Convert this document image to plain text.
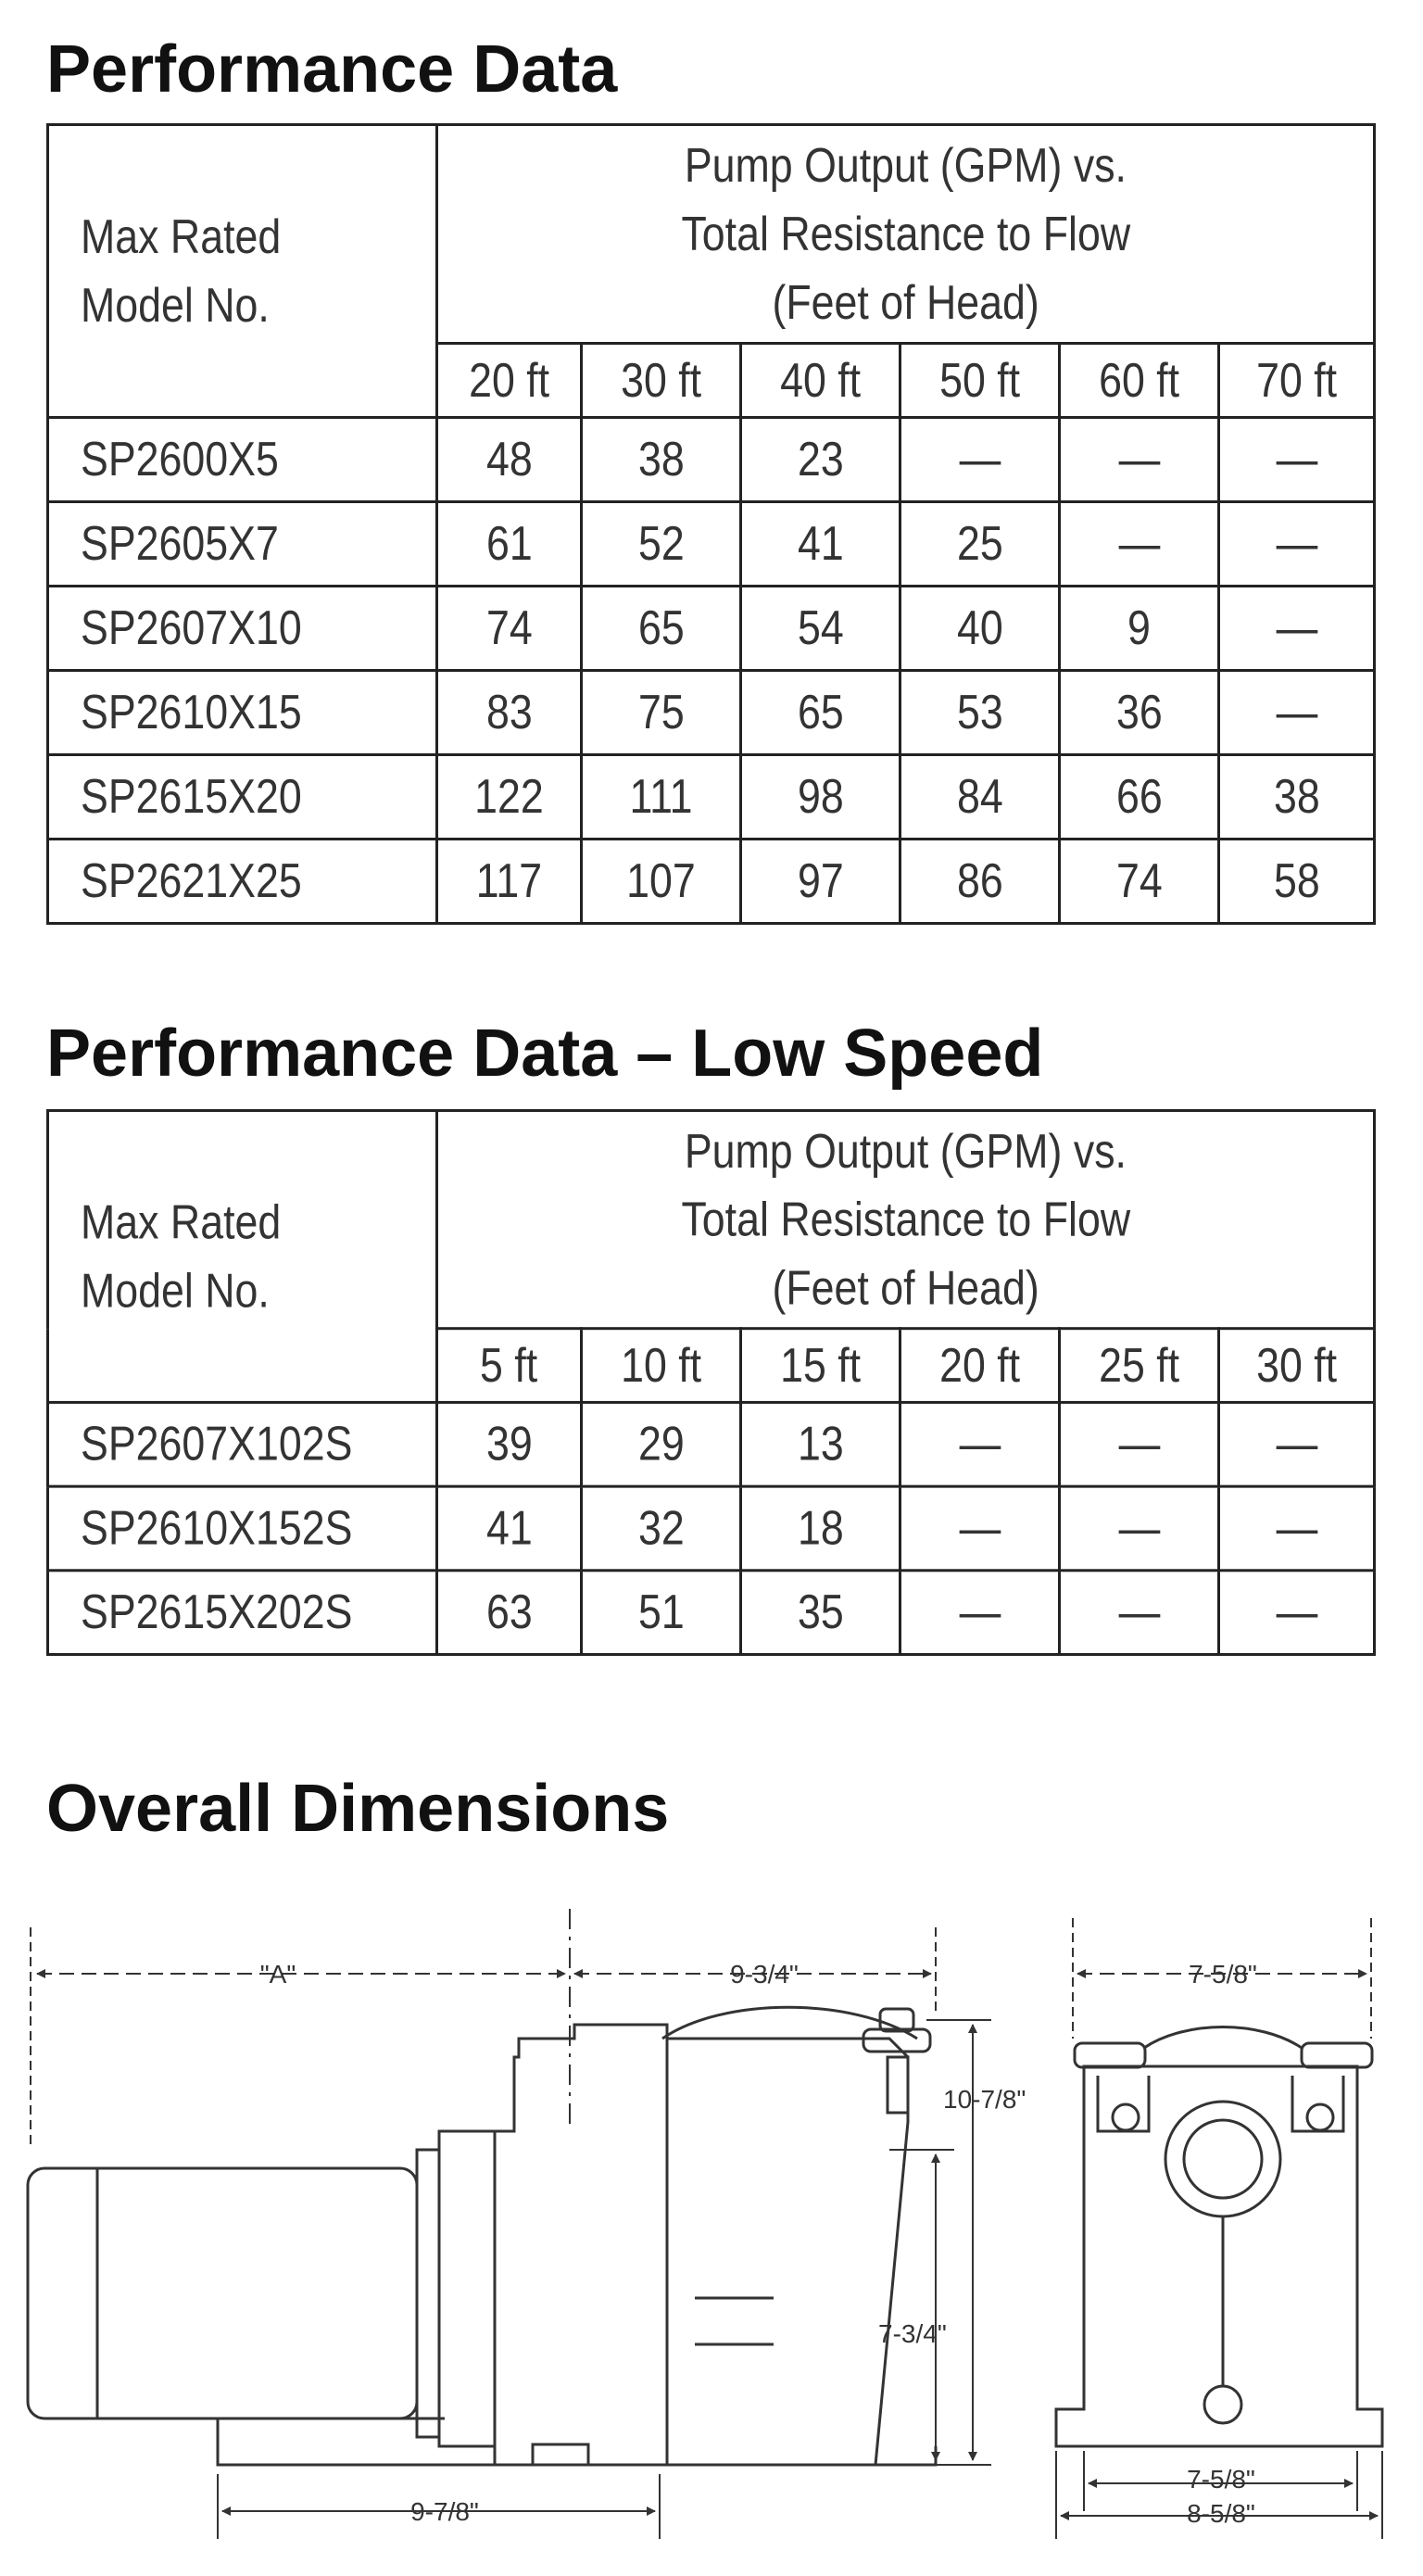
Performance Data
Max Rated
Model No.	Pump Output (GPM) vs.
Total Resistance to Flow
(Feet of Head)					
	20 ft	30 ft	40 ft	50 ft	60 ft	70 ft
SP2600X5	48	38	23	—	—	—
SP2605X7	61	52	41	25	—	—
SP2607X10	74	65	54	40	9	—
SP2610X15	83	75	65	53	36	—
SP2615X20	122	111	98	84	66	38
SP2621X25	117	107	97	86	74	58
Performance Data – Low Speed
Max Rated
Model No.	Pump Output (GPM) vs.
Total Resistance to Flow
(Feet of Head)					
	5 ft	10 ft	15 ft	20 ft	25 ft	30 ft
SP2607X102S	39	29	13	—	—	—
SP2610X152S	41	32	18	—	—	—
SP2615X202S	63	51	35	—	—	—
Overall Dimensions
"A"	9-3/4"	7-5/8"
10-7/8"
7-3/4"
9-7/8"
7-5/8"
8-5/8"
